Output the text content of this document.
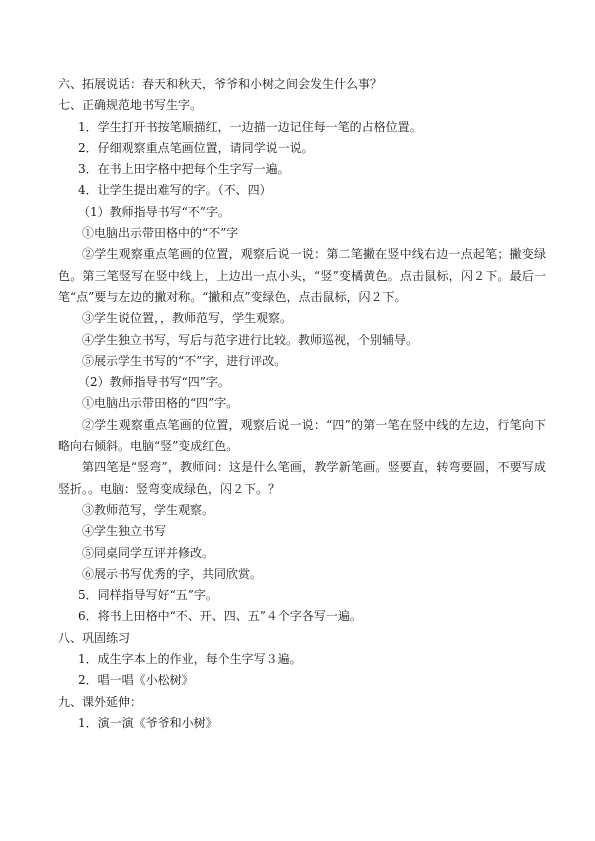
六、拓展说话：春天和秋天，爷爷和小树之间会发生什么事？
七、正确规范地书写生字。
1．学生打开书按笔顺描红，一边描一边记住每一笔的占格位置。
2．仔细观察重点笔画位置，请同学说一说。
3．在书上田字格中把每个生字写一遍。
4．让学生提出难写的字。（不、四）
（1）教师指导书写“不”字。
①电脑出示带田格中的“不”字

②学生观察重点笔画的位置，观察后说一说：第二笔撇在竖中线右边一点起笔；撇变绿色。第三笔竖写在竖中线上，上边出一点小头，“竖”变橘黄色。点击鼠标，闪２下。最后一笔“点”要与左边的撇对称。“撇和点”变绿色，点击鼠标，闪２下。

③学生说位置，，教师范写，学生观察。
④学生独立书写，写后与范字进行比较。教师巡视，个别辅导。
⑤展示学生书写的“不”字，进行评改。
（2）教师指导书写“四”字。
①电脑出示带田格的“四”字。

②学生观察重点笔画的位置，观察后说一说：“四”的第一笔在竖中线的左边，行笔向下略向右倾斜。电脑“竖”变成红色。

第四笔是“竖弯”，教师问：这是什么笔画，教学新笔画。竖要直，转弯要圆，不要写成竖折。。电脑：竖弯变成绿色，闪２下。？

③教师范写，学生观察。
④学生独立书写
⑤同桌同学互评并修改。
⑥展示书写优秀的字，共同欣赏。
5．同样指导写好“五”字。
6．将书上田格中“不、开、四、五”４个字各写一遍。
八、巩固练习
1．成生字本上的作业，每个生字写３遍。
2．唱一唱《小松树》
九、课外延伸：
1．演一演《爷爷和小树》
